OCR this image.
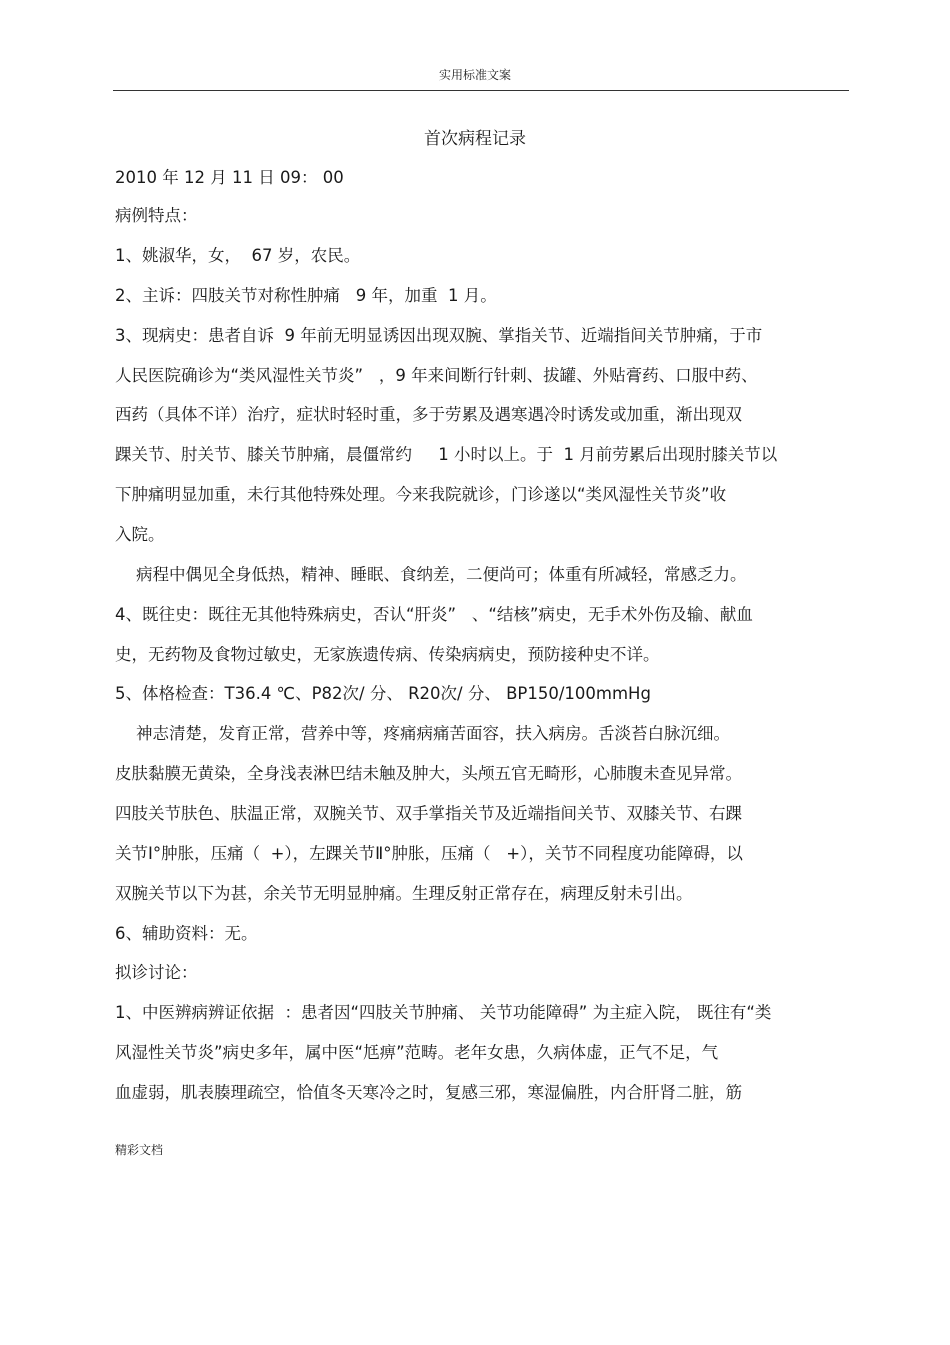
实用标准文案
首次病程记录
2010 年 12 月 11 日 09： 00
病例特点：
1、姚淑华，女，  67 岁，农民。
2、主诉：四肢关节对称性肿痛   9 年，加重  1 月。
3、现病史：患者自诉  9 年前无明显诱因出现双腕、掌指关节、近端指间关节肿痛，于市
人民医院确诊为“类风湿性关节炎”   ，9 年来间断行针刺、拔罐、外贴膏药、口服中药、
西药（具体不详）治疗，症状时轻时重，多于劳累及遇寒遇冷时诱发或加重，渐出现双
踝关节、肘关节、膝关节肿痛，晨僵常约     1 小时以上。于  1 月前劳累后出现肘膝关节以
下肿痛明显加重，未行其他特殊处理。今来我院就诊，门诊遂以“类风湿性关节炎”收
入院。
病程中偶见全身低热，精神、睡眠、食纳差，二便尚可；体重有所减轻，常感乏力。
4、既往史：既往无其他特殊病史，否认“肝炎”   、“结核”病史，无手术外伤及输、献血
史，无药物及食物过敏史，无家族遗传病、传染病病史，预防接种史不详。
5、体格检查：T36.4 ℃、P82次/ 分、 R20次/ 分、 BP150/100mmHg
神志清楚，发育正常，营养中等，疼痛病痛苦面容，扶入病房。舌淡苔白脉沉细。
皮肤黏膜无黄染，全身浅表淋巴结未触及肿大，头颅五官无畸形，心肺腹未查见异常。
四肢关节肤色、肤温正常，双腕关节、双手掌指关节及近端指间关节、双膝关节、右踝
关节Ⅰ°肿胀，压痛（  +），左踝关节Ⅱ°肿胀，压痛（   +），关节不同程度功能障碍，以
双腕关节以下为甚，余关节无明显肿痛。生理反射正常存在，病理反射未引出。
6、辅助资料：无。
拟诊讨论：
1、中医辨病辨证依据  ：患者因“四肢关节肿痛、 关节功能障碍” 为主症入院， 既往有“类
风湿性关节炎”病史多年，属中医“尪痹”范畴。老年女患，久病体虚，正气不足，气
血虚弱，肌表腠理疏空，恰值冬天寒冷之时，复感三邪，寒湿偏胜，内合肝肾二脏，筋
精彩文档
